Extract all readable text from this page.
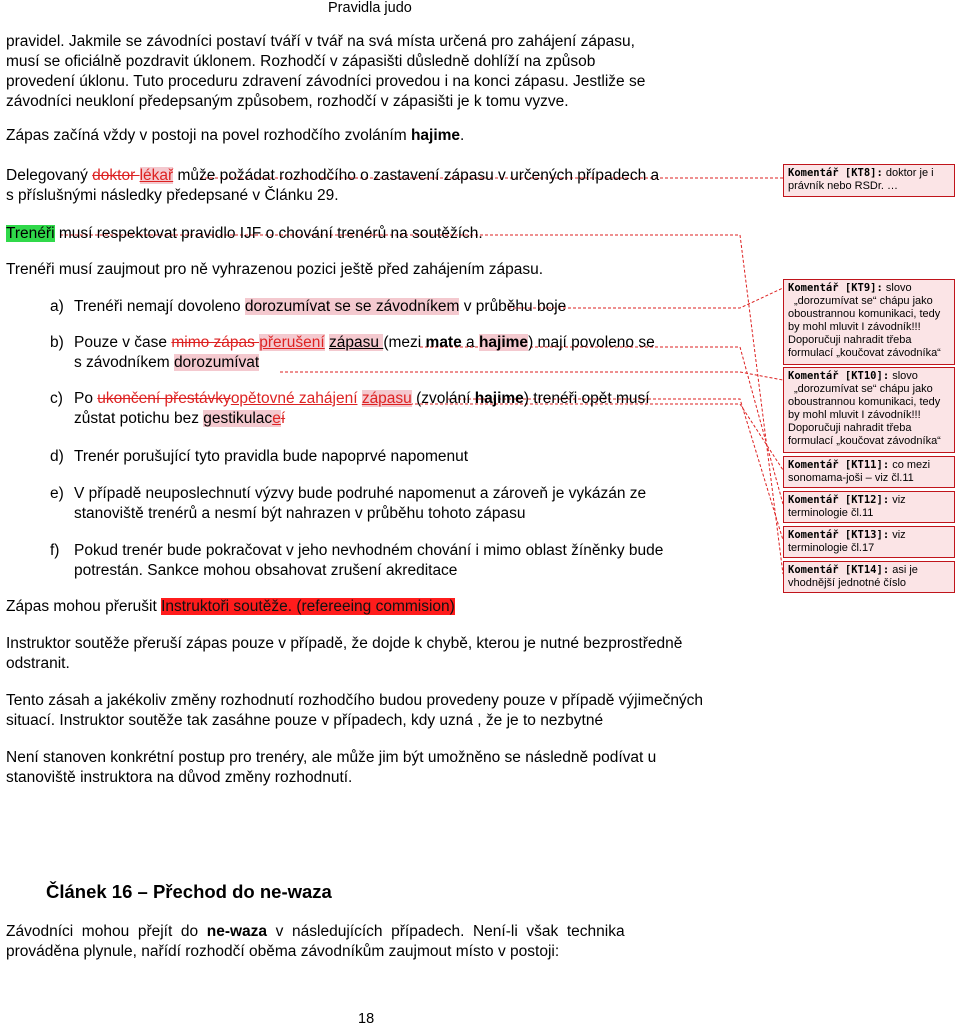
Pravidla judo
pravidel. Jakmile se závodníci postaví tváří v tvář na svá místa určená pro zahájení zápasu,
musí se oficiálně pozdravit úklonem. Rozhodčí v zápasišti důsledně dohlíží na způsob
provedení úklonu. Tuto proceduru zdravení závodníci provedou i na konci zápasu. Jestliže se
závodníci neukloní předepsaným způsobem, rozhodčí v zápasišti je k tomu vyzve.
Zápas začíná vždy v postoji na povel rozhodčího zvoláním hajime.
Delegovaný doktor lékař může požádat rozhodčího o zastavení zápasu v určených případech a
s příslušnými následky předepsané v Článku 29.
Trenéři musí respektovat pravidlo IJF o chování trenérů na soutěžích.
Trenéři musí zaujmout pro ně vyhrazenou pozici ještě před zahájením zápasu.
a) Trenéři nemají dovoleno dorozumívat se se závodníkem v průběhu boje
b) Pouze v čase mimo zápas přerušení zápasu (mezi mate a hajime) mají povoleno se
s závodníkem dorozumívat
c) Po ukončení přestávkyopětovné zahájení zápasu (zvolání hajime) trenéři opět musí
zůstat potichu bez gestikulaceí
d) Trenér porušující tyto pravidla bude napoprvé napomenut
e) V případě neuposlechnutí výzvy bude podruhé napomenut a zároveň je vykázán ze
stanoviště trenérů a nesmí být nahrazen v průběhu tohoto zápasu
f) Pokud trenér bude pokračovat v jeho nevhodném chování i mimo oblast žíněnky bude
potrestán. Sankce mohou obsahovat zrušení akreditace
Zápas mohou přerušit Instruktoři soutěže. (refereeing commision)
Instruktor soutěže přeruší zápas pouze v případě, že dojde k chybě, kterou je nutné bezprostředně
odstranit.
Tento zásah a jakékoliv změny rozhodnutí rozhodčího budou provedeny pouze v případě výjimečných
situací. Instruktor soutěže tak zasáhne pouze v případech, kdy uzná , že je to nezbytné
Není stanoven konkrétní postup pro trenéry, ale může jim být umožněno se následně podívat u
stanoviště instruktora na důvod změny rozhodnutí.
Článek 16 – Přechod do ne-waza
Závodníci  mohou  přejít  do  ne-waza  v  následujících  případech.  Není-li  však  technika
prováděna plynule, nařídí rozhodčí oběma závodníkům zaujmout místo v postoji:
18
Komentář [KT8]: doktor je i
právník nebo RSDr. …
Komentář [KT9]: slovo
„dorozumívat se“ chápu jako
oboustrannou komunikaci, tedy
by mohl mluvit I závodník!!!
Doporučuji nahradit třeba
formulací „koučovat závodníka“
Komentář [KT10]: slovo
„dorozumívat se“ chápu jako
oboustrannou komunikaci, tedy
by mohl mluvit I závodník!!!
Doporučuji nahradit třeba
formulací „koučovat závodníka“
Komentář [KT11]: co mezi
sonomama-joši – viz čl.11
Komentář [KT12]: viz
terminologie čl.11
Komentář [KT13]: viz
terminologie čl.17
Komentář [KT14]: asi je
vhodnější jednotné číslo
